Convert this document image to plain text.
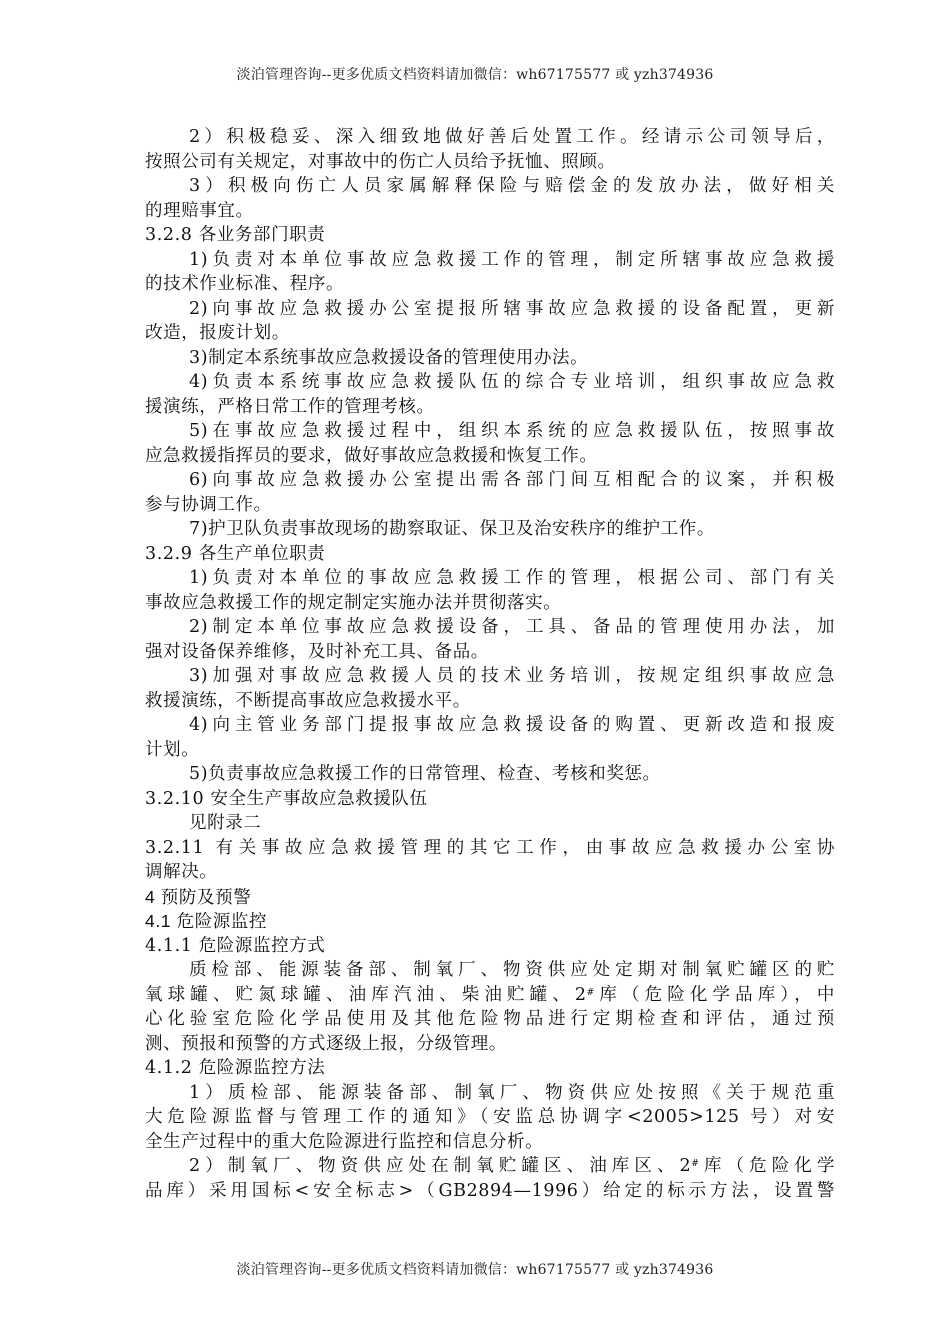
淡泊管理咨询--更多优质文档资料请加微信：wh67175577 或 yzh374936
2）积极稳妥、深入细致地做好善后处置工作。经请示公司领导后，
按照公司有关规定，对事故中的伤亡人员给予抚恤、照顾。
3）积极向伤亡人员家属解释保险与赔偿金的发放办法，做好相关
的理赔事宜。
3.2.8 各业务部门职责
1)负责对本单位事故应急救援工作的管理，制定所辖事故应急救援
的技术作业标准、程序。
2)向事故应急救援办公室提报所辖事故应急救援的设备配置，更新
改造，报废计划。
3)制定本系统事故应急救援设备的管理使用办法。
4)负责本系统事故应急救援队伍的综合专业培训，组织事故应急救
援演练，严格日常工作的管理考核。
5)在事故应急救援过程中，组织本系统的应急救援队伍，按照事故
应急救援指挥员的要求，做好事故应急救援和恢复工作。
6)向事故应急救援办公室提出需各部门间互相配合的议案，并积极
参与协调工作。
7)护卫队负责事故现场的勘察取证、保卫及治安秩序的维护工作。
3.2.9 各生产单位职责
1)负责对本单位的事故应急救援工作的管理，根据公司、部门有关
事故应急救援工作的规定制定实施办法并贯彻落实。
2)制定本单位事故应急救援设备，工具、备品的管理使用办法，加
强对设备保养维修，及时补充工具、备品。
3)加强对事故应急救援人员的技术业务培训，按规定组织事故应急
救援演练，不断提高事故应急救援水平。
4)向主管业务部门提报事故应急救援设备的购置、更新改造和报废
计划。
5)负责事故应急救援工作的日常管理、检查、考核和奖惩。
3.2.10 安全生产事故应急救援队伍
见附录二
3.2.11 有关事故应急救援管理的其它工作，由事故应急救援办公室协
调解决。
4 预防及预警
4.1 危险源监控
4.1.1 危险源监控方式
质检部、能源装备部、制氧厂、物资供应处定期对制氧贮罐区的贮
氧球罐、贮氮球罐、油库汽油、柴油贮罐、2#库（危险化学品库），中
心化验室危险化学品使用及其他危险物品进行定期检查和评估，通过预
测、预报和预警的方式逐级上报，分级管理。
4.1.2 危险源监控方法
1）质检部、能源装备部、制氧厂、物资供应处按照《关于规范重
大危险源监督与管理工作的通知》（安监总协调字<2005>125 号）对安
全生产过程中的重大危险源进行监控和信息分析。
2）制氧厂、物资供应处在制氧贮罐区、油库区、2#库（危险化学
品库）采用国标<安全标志>（GB2894—1996）给定的标示方法，设置警
淡泊管理咨询--更多优质文档资料请加微信：wh67175577 或 yzh374936
